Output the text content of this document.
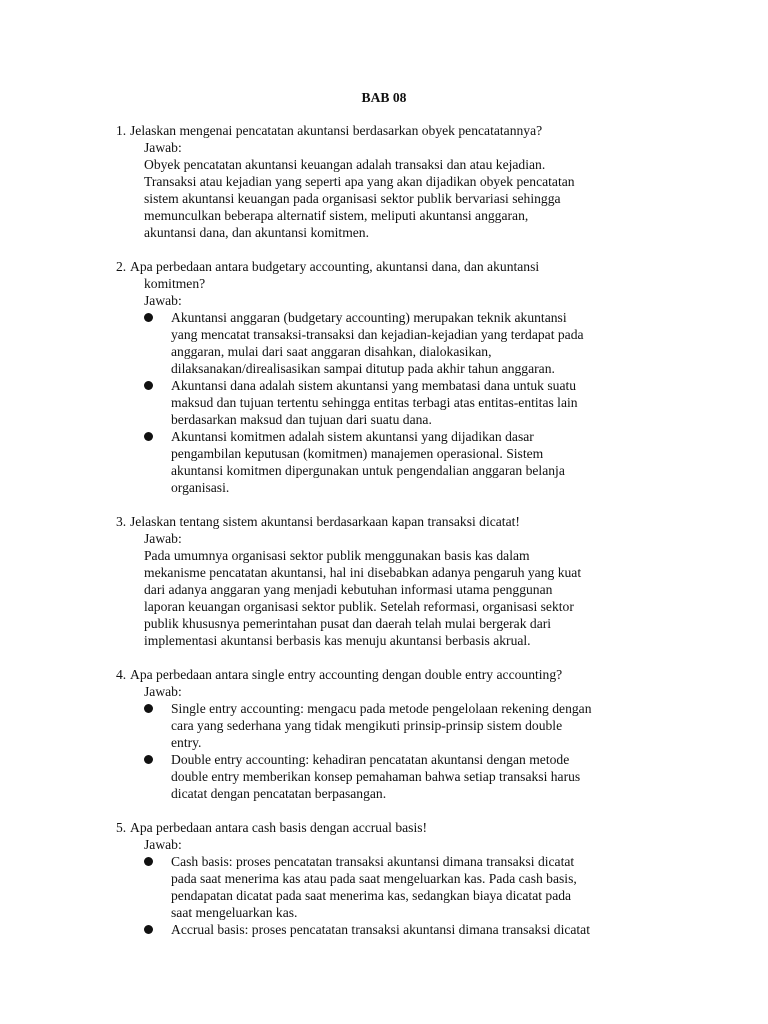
BAB 08
1. Jelaskan mengenai pencatatan akuntansi berdasarkan obyek pencatatannya?
Jawab:
Obyek pencatatan akuntansi keuangan adalah transaksi dan atau kejadian.
Transaksi atau kejadian yang seperti apa yang akan dijadikan obyek pencatatan
sistem akuntansi keuangan pada organisasi sektor publik bervariasi sehingga
memunculkan beberapa alternatif sistem, meliputi akuntansi anggaran,
akuntansi dana, dan akuntansi komitmen.
2. Apa perbedaan antara budgetary accounting, akuntansi dana, dan akuntansi
komitmen?
Jawab:
Akuntansi anggaran (budgetary accounting) merupakan teknik akuntansi
yang mencatat transaksi-transaksi dan kejadian-kejadian yang terdapat pada
anggaran, mulai dari saat anggaran disahkan, dialokasikan,
dilaksanakan/direalisasikan sampai ditutup pada akhir tahun anggaran.
Akuntansi dana adalah sistem akuntansi yang membatasi dana untuk suatu
maksud dan tujuan tertentu sehingga entitas terbagi atas entitas-entitas lain
berdasarkan maksud dan tujuan dari suatu dana.
Akuntansi komitmen adalah sistem akuntansi yang dijadikan dasar
pengambilan keputusan (komitmen) manajemen operasional. Sistem
akuntansi komitmen dipergunakan untuk pengendalian anggaran belanja
organisasi.
3. Jelaskan tentang sistem akuntansi berdasarkaan kapan transaksi dicatat!
Jawab:
Pada umumnya organisasi sektor publik menggunakan basis kas dalam
mekanisme pencatatan akuntansi, hal ini disebabkan adanya pengaruh yang kuat
dari adanya anggaran yang menjadi kebutuhan informasi utama penggunan
laporan keuangan organisasi sektor publik. Setelah reformasi, organisasi sektor
publik khususnya pemerintahan pusat dan daerah telah mulai bergerak dari
implementasi akuntansi berbasis kas menuju akuntansi berbasis akrual.
4. Apa perbedaan antara single entry accounting dengan double entry accounting?
Jawab:
Single entry accounting: mengacu pada metode pengelolaan rekening dengan
cara yang sederhana yang tidak mengikuti prinsip-prinsip sistem double
entry.
Double entry accounting: kehadiran pencatatan akuntansi dengan metode
double entry memberikan konsep pemahaman bahwa setiap transaksi harus
dicatat dengan pencatatan berpasangan.
5. Apa perbedaan antara cash basis dengan accrual basis!
Jawab:
Cash basis: proses pencatatan transaksi akuntansi dimana transaksi dicatat
pada saat menerima kas atau pada saat mengeluarkan kas. Pada cash basis,
pendapatan dicatat pada saat menerima kas, sedangkan biaya dicatat pada
saat mengeluarkan kas.
Accrual basis: proses pencatatan transaksi akuntansi dimana transaksi dicatat
